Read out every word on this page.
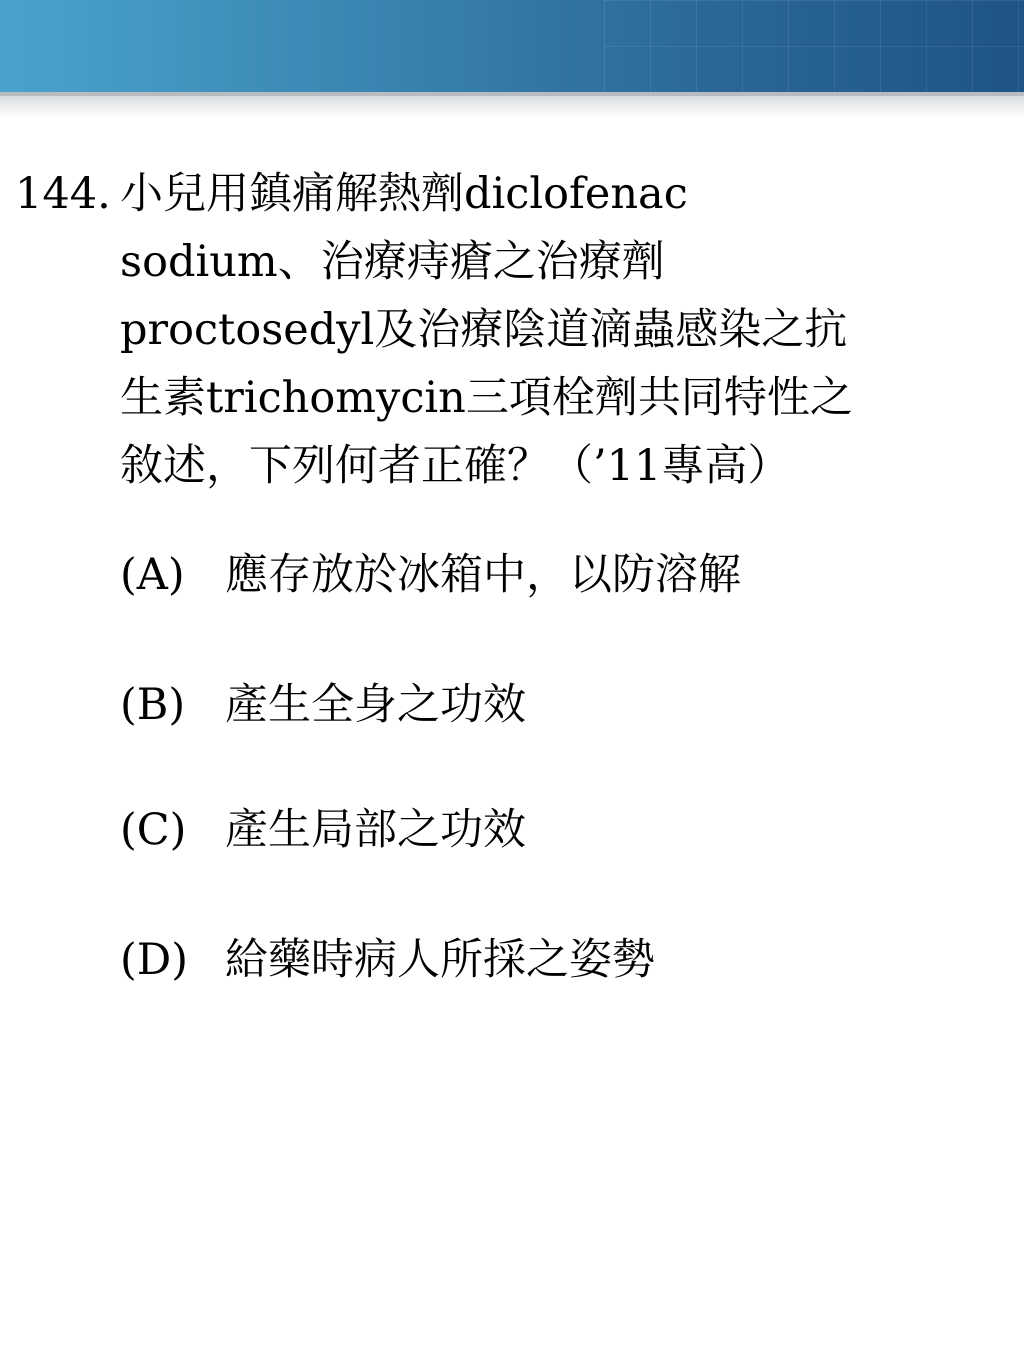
144. 小兒用鎮痛解熱劑diclofenac
sodium、治療痔瘡之治療劑
proctosedyl及治療陰道滴蟲感染之抗
生素trichomycin三項栓劑共同特性之
敘述，下列何者正確？（’11專高）
(A) 應存放於冰箱中，以防溶解
(B) 產生全身之功效
(C) 產生局部之功效
(D) 給藥時病人所採之姿勢
